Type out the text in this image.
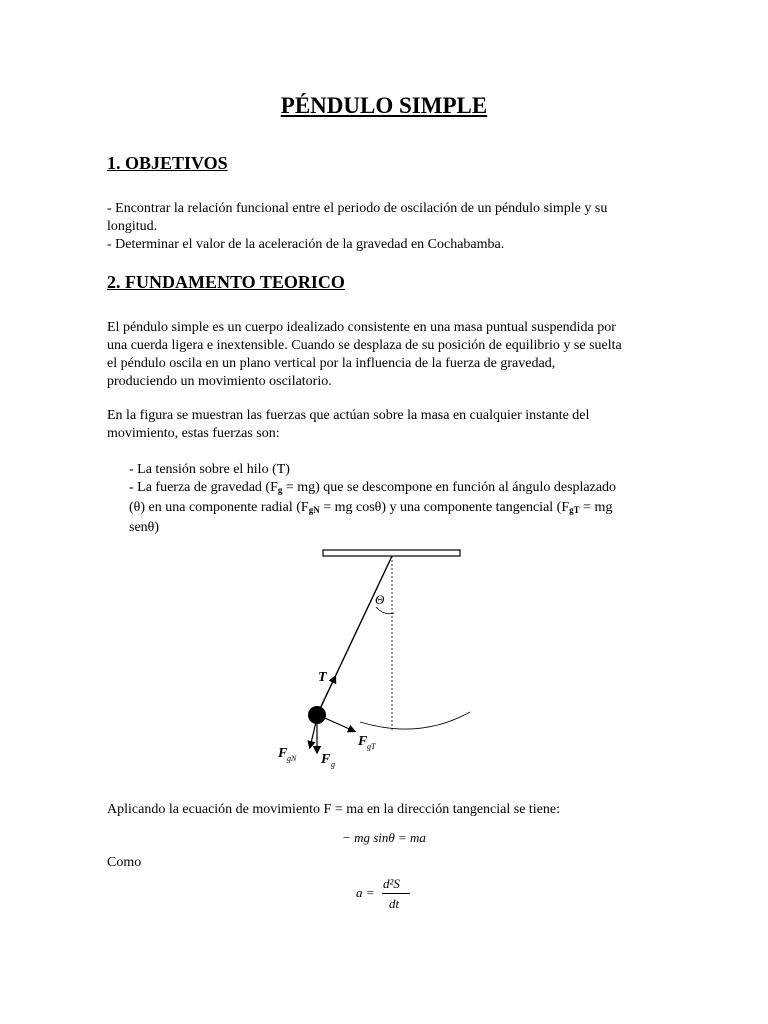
PÉNDULO SIMPLE
1. OBJETIVOS

- Encontrar la relación funcional entre el periodo de oscilación de un péndulo simple y su
longitud.
- Determinar el valor de la aceleración de la gravedad en Cochabamba.

2. FUNDAMENTO TEORICO

El péndulo simple es un cuerpo idealizado consistente en una masa puntual suspendida por
una cuerda ligera e inextensible. Cuando se desplaza de su posición de equilibrio y se suelta
el péndulo oscila en un plano vertical por la influencia de la fuerza de gravedad,
produciendo un movimiento oscilatorio.

En la figura se muestran las fuerzas que actúan sobre la masa en cualquier instante del
movimiento, estas fuerzas son:

- La tensión sobre el hilo (T)
- La fuerza de gravedad $(F_g = mg)$ que se descompone en función al ángulo desplazado
(θ) en una componente radial ($F_{gN}$ = mg cosθ) y una componente tangencial ($F_{gT}$ = mg
senθ)

Θ
T
F gT
F gN F g

Aplicando la ecuación de movimiento F = ma en la dirección tangencial se tiene:

− mg sinθ = ma

Como

a =
d²S
dt
